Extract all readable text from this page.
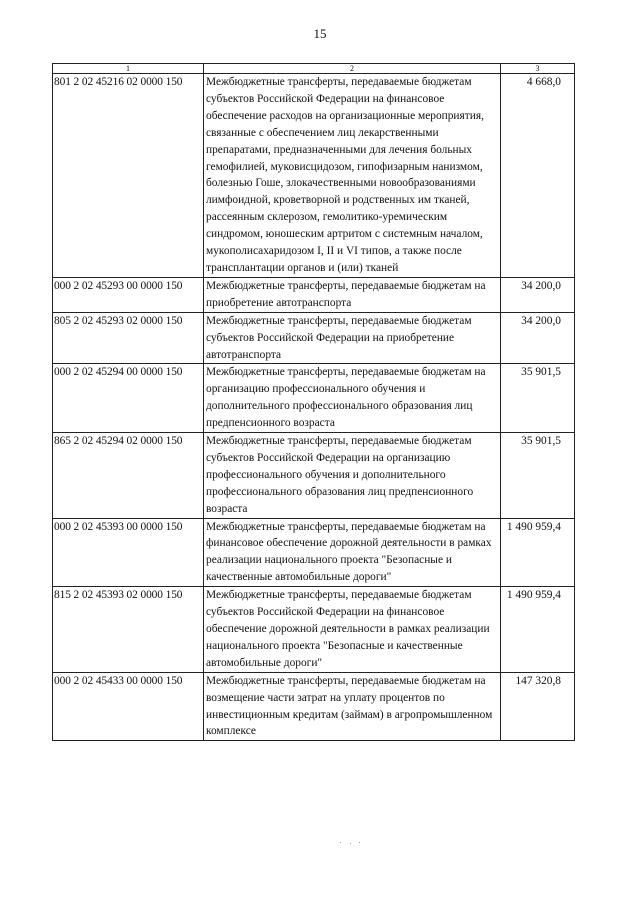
15
1	2	3
801 2 02 45216 02 0000 150	Межбюджетные трансферты, передаваемые бюджетам субъектов Российской Федерации на финансовое обеспечение расходов на организационные мероприятия, связанные с обеспечением лиц лекарственными препаратами, предназначенными для лечения больных гемофилией, муковисцидозом, гипофизарным нанизмом, болезнью Гоше, злокачественными новообразованиями лимфоидной, кроветворной и родственных им тканей, рассеянным склерозом, гемолитико-уремическим синдромом, юношеским артритом с системным началом, мукополисахаридозом I, II и VI типов, а также после трансплантации органов и (или) тканей	4 668,0
000 2 02 45293 00 0000 150	Межбюджетные трансферты, передаваемые бюджетам на приобретение автотранспорта	34 200,0
805 2 02 45293 02 0000 150	Межбюджетные трансферты, передаваемые бюджетам субъектов Российской Федерации на приобретение автотранспорта	34 200,0
000 2 02 45294 00 0000 150	Межбюджетные трансферты, передаваемые бюджетам на организацию профессионального обучения и дополнительного профессионального образования лиц предпенсионного возраста	35 901,5
865 2 02 45294 02 0000 150	Межбюджетные трансферты, передаваемые бюджетам субъектов Российской Федерации на организацию профессионального обучения и дополнительного профессионального образования лиц предпенсионного возраста	35 901,5
000 2 02 45393 00 0000 150	Межбюджетные трансферты, передаваемые бюджетам на финансовое обеспечение дорожной деятельности в рамках реализации национального проекта "Безопасные и качественные автомобильные дороги"	1 490 959,4
815 2 02 45393 02 0000 150	Межбюджетные трансферты, передаваемые бюджетам субъектов Российской Федерации на финансовое обеспечение дорожной деятельности в рамках реализации национального проекта "Безопасные и качественные автомобильные дороги"	1 490 959,4
000 2 02 45433 00 0000 150	Межбюджетные трансферты, передаваемые бюджетам на возмещение части затрат на уплату процентов по инвестиционным кредитам (займам) в агропромышленном комплексе	147 320,8
